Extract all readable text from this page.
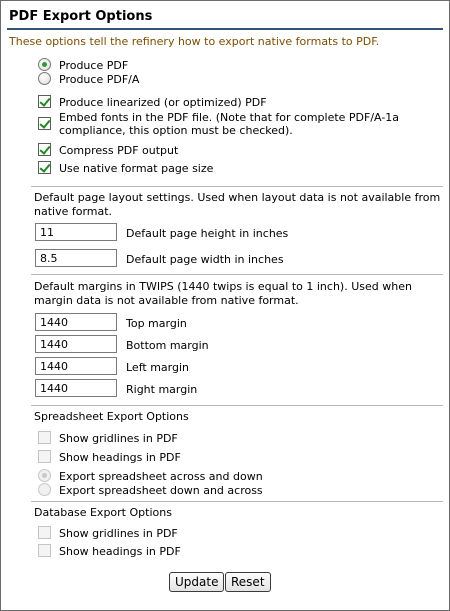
PDF Export Options
These options tell the refinery how to export native formats to PDF.
Produce PDF
Produce PDF/A
Produce linearized (or optimized) PDF
Embed fonts in the PDF file. (Note that for complete PDF/A-1a compliance, this option must be checked).
Compress PDF output
Use native format page size
Default page layout settings. Used when layout data is not available from native format.
11
Default page height in inches
8.5
Default page width in inches
Default margins in TWIPS (1440 twips is equal to 1 inch). Used when margin data is not available from native format.
1440
Top margin
1440
Bottom margin
1440
Left margin
1440
Right margin
Spreadsheet Export Options
Show gridlines in PDF
Show headings in PDF
Export spreadsheet across and down
Export spreadsheet down and across
Database Export Options
Show gridlines in PDF
Show headings in PDF
Update	Reset
